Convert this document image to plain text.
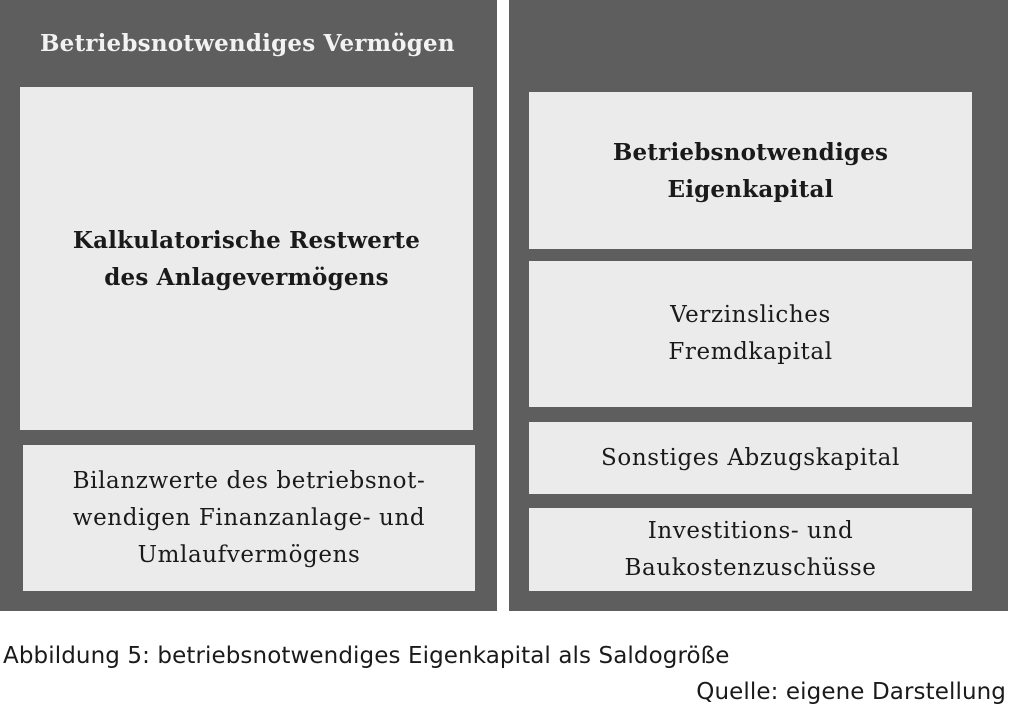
Betriebsnotwendiges Vermögen
Kalkulatorische Restwerte
des Anlagevermögens
Bilanzwerte des betriebsnot-
wendigen Finanzanlage- und
Umlaufvermögens
Betriebsnotwendiges
Eigenkapital
Verzinsliches
Fremdkapital
Sonstiges Abzugskapital
Investitions- und
Baukostenzuschüsse
Abbildung 5: betriebsnotwendiges Eigenkapital als Saldogröße
Quelle: eigene Darstellung
